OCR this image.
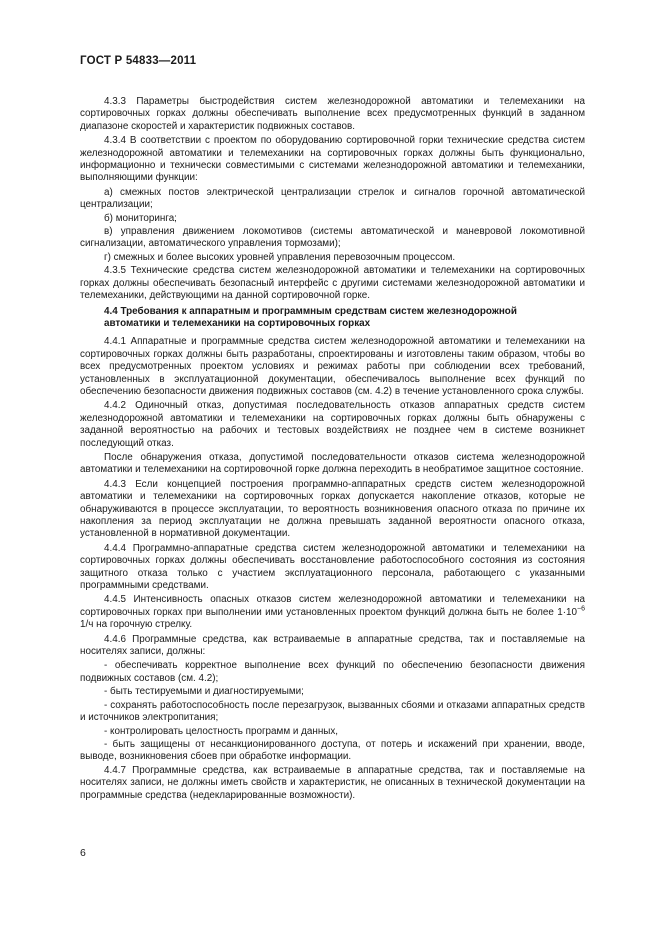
ГОСТ Р 54833—2011

4.3.3 Параметры быстродействия систем железнодорожной автоматики и телемеханики на сортировочных горках должны обеспечивать выполнение всех предусмотренных функций в заданном диапазоне скоростей и характеристик подвижных составов.

4.3.4 В соответствии с проектом по оборудованию сортировочной горки технические средства систем железнодорожной автоматики и телемеханики на сортировочных горках должны быть функционально, информационно и технически совместимыми с системами железнодорожной автоматики и телемеханики, выполняющими функции:

а) смежных постов электрической централизации стрелок и сигналов горочной автоматической централизации;

б) мониторинга;

в) управления движением локомотивов (системы автоматической и маневровой локомотивной сигнализации, автоматического управления тормозами);

г) смежных и более высоких уровней управления перевозочным процессом.

4.3.5 Технические средства систем железнодорожной автоматики и телемеханики на сортировочных горках должны обеспечивать безопасный интерфейс с другими системами железнодорожной автоматики и телемеханики, действующими на данной сортировочной горке.

4.4 Требования к аппаратным и программным средствам систем железнодорожной
автоматики и телемеханики на сортировочных горках

4.4.1 Аппаратные и программные средства систем железнодорожной автоматики и телемеханики на сортировочных горках должны быть разработаны, спроектированы и изготовлены таким образом, чтобы во всех предусмотренных проектом условиях и режимах работы при соблюдении всех требований, установленных в эксплуатационной документации, обеспечивалось выполнение всех функций по обеспечению безопасности движения подвижных составов (см. 4.2) в течение установленного срока службы.

4.4.2 Одиночный отказ, допустимая последовательность отказов аппаратных средств систем железнодорожной автоматики и телемеханики на сортировочных горках должны быть обнаружены с заданной вероятностью на рабочих и тестовых воздействиях не позднее чем в системе возникнет последующий отказ.

После обнаружения отказа, допустимой последовательности отказов система железнодорожной автоматики и телемеханики на сортировочной горке должна переходить в необратимое защитное состояние.

4.4.3 Если концепцией построения программно-аппаратных средств систем железнодорожной автоматики и телемеханики на сортировочных горках допускается накопление отказов, которые не обнаруживаются в процессе эксплуатации, то вероятность возникновения опасного отказа по причине их накопления за период эксплуатации не должна превышать заданной вероятности опасного отказа, установленной в нормативной документации.

4.4.4 Программно-аппаратные средства систем железнодорожной автоматики и телемеханики на сортировочных горках должны обеспечивать восстановление работоспособного состояния из состояния защитного отказа только с участием эксплуатационного персонала, работающего с указанными программными средствами.

4.4.5 Интенсивность опасных отказов систем железнодорожной автоматики и телемеханики на сортировочных горках при выполнении ими установленных проектом функций должна быть не более $1\cdot 10^{-6}$ 1/ч на горочную стрелку.

4.4.6 Программные средства, как встраиваемые в аппаратные средства, так и поставляемые на носителях записи, должны:

- обеспечивать корректное выполнение всех функций по обеспечению безопасности движения подвижных составов (см. 4.2);

- быть тестируемыми и диагностируемыми;

- сохранять работоспособность после перезагрузок, вызванных сбоями и отказами аппаратных средств и источников электропитания;

- контролировать целостность программ и данных,

- быть защищены от несанкционированного доступа, от потерь и искажений при хранении, вводе, выводе, возникновения сбоев при обработке информации.

4.4.7 Программные средства, как встраиваемые в аппаратные средства, так и поставляемые на носителях записи, не должны иметь свойств и характеристик, не описанных в технической документации на программные средства (недекларированные возможности).

6
